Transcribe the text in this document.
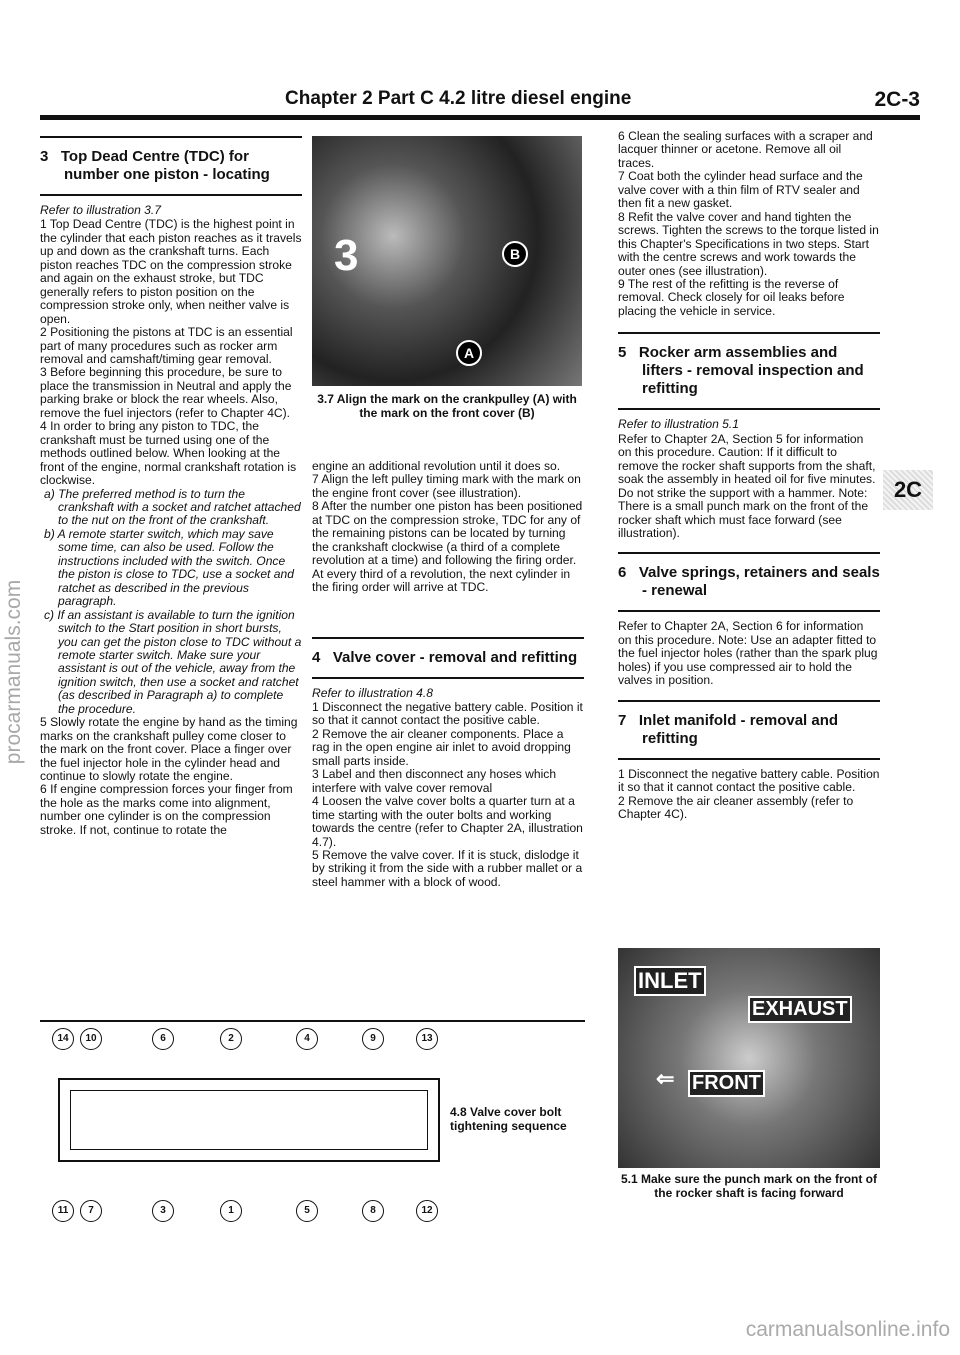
procarmanuals.com
Chapter 2 Part C 4.2 litre diesel engine	2C-3
2C
3 Top Dead Centre (TDC) for number one piston - locating

Refer to illustration 3.7

1 Top Dead Centre (TDC) is the highest point in the cylinder that each piston reaches as it travels up and down as the crankshaft turns. Each piston reaches TDC on the compression stroke and again on the exhaust stroke, but TDC generally refers to piston position on the compression stroke only, when neither valve is open.

2 Positioning the pistons at TDC is an essential part of many procedures such as rocker arm removal and camshaft/timing gear removal.

3 Before beginning this procedure, be sure to place the transmission in Neutral and apply the parking brake or block the rear wheels. Also, remove the fuel injectors (refer to Chapter 4C).

4 In order to bring any piston to TDC, the crankshaft must be turned using one of the methods outlined below. When looking at the front of the engine, normal crankshaft rotation is clockwise.

a) The preferred method is to turn the crankshaft with a socket and ratchet attached to the nut on the front of the crankshaft.

b) A remote starter switch, which may save some time, can also be used. Follow the instructions included with the switch. Once the piston is close to TDC, use a socket and ratchet as described in the previous paragraph.

c) If an assistant is available to turn the ignition switch to the Start position in short bursts, you can get the piston close to TDC without a remote starter switch. Make sure your assistant is out of the vehicle, away from the ignition switch, then use a socket and ratchet (as described in Paragraph a) to complete the procedure.

5 Slowly rotate the engine by hand as the timing marks on the crankshaft pulley come closer to the mark on the front cover. Place a finger over the fuel injector hole in the cylinder head and continue to slowly rotate the engine.

6 If engine compression forces your finger from the hole as the marks come into alignment, number one cylinder is on the compression stroke. If not, continue to rotate the

3	B
A
3.7 Align the mark on the crankpulley (A) with the mark on the front cover (B)

engine an additional revolution until it does so.

7 Align the left pulley timing mark with the mark on the engine front cover (see illustration).

8 After the number one piston has been positioned at TDC on the compression stroke, TDC for any of the remaining pistons can be located by turning the crankshaft clockwise (a third of a complete revolution at a time) and following the firing order. At every third of a revolution, the next cylinder in the firing order will arrive at TDC.

4 Valve cover - removal and refitting

Refer to illustration 4.8

1 Disconnect the negative battery cable. Position it so that it cannot contact the positive cable.

2 Remove the air cleaner components. Place a rag in the open engine air inlet to avoid dropping small parts inside.

3 Label and then disconnect any hoses which interfere with valve cover removal

4 Loosen the valve cover bolts a quarter turn at a time starting with the outer bolts and working towards the centre (refer to Chapter 2A, illustration 4.7).

5 Remove the valve cover. If it is stuck, dislodge it by striking it from the side with a rubber mallet or a steel hammer with a block of wood.

6 Clean the sealing surfaces with a scraper and lacquer thinner or acetone. Remove all oil traces.

7 Coat both the cylinder head surface and the valve cover with a thin film of RTV sealer and then fit a new gasket.

8 Refit the valve cover and hand tighten the screws. Tighten the screws to the torque listed in this Chapter's Specifications in two steps. Start with the centre screws and work towards the outer ones (see illustration).

9 The rest of the refitting is the reverse of removal. Check closely for oil leaks before placing the vehicle in service.

5 Rocker arm assemblies and lifters - removal inspection and refitting

Refer to illustration 5.1

Refer to Chapter 2A, Section 5 for information on this procedure. Caution: If it difficult to remove the rocker shaft supports from the shaft, soak the assembly in heated oil for five minutes. Do not strike the support with a hammer. Note: There is a small punch mark on the front of the rocker shaft which must face forward (see illustration).

6 Valve springs, retainers and seals - renewal

Refer to Chapter 2A, Section 6 for information on this procedure. Note: Use an adapter fitted to the fuel injector holes (rather than the spark plug holes) if you use compressed air to hold the valves in position.

7 Inlet manifold - removal and refitting

1 Disconnect the negative battery cable. Position it so that it cannot contact the positive cable.

2 Remove the air cleaner assembly (refer to Chapter 4C).

INLET
EXHAUST
⇐ FRONT
5.1 Make sure the punch mark on the front of the rocker shaft is facing forward
14	10	6	2	4	9	13
11	7	3	1	5	8	12
4.8 Valve cover bolt tightening sequence
carmanualsonline.info
